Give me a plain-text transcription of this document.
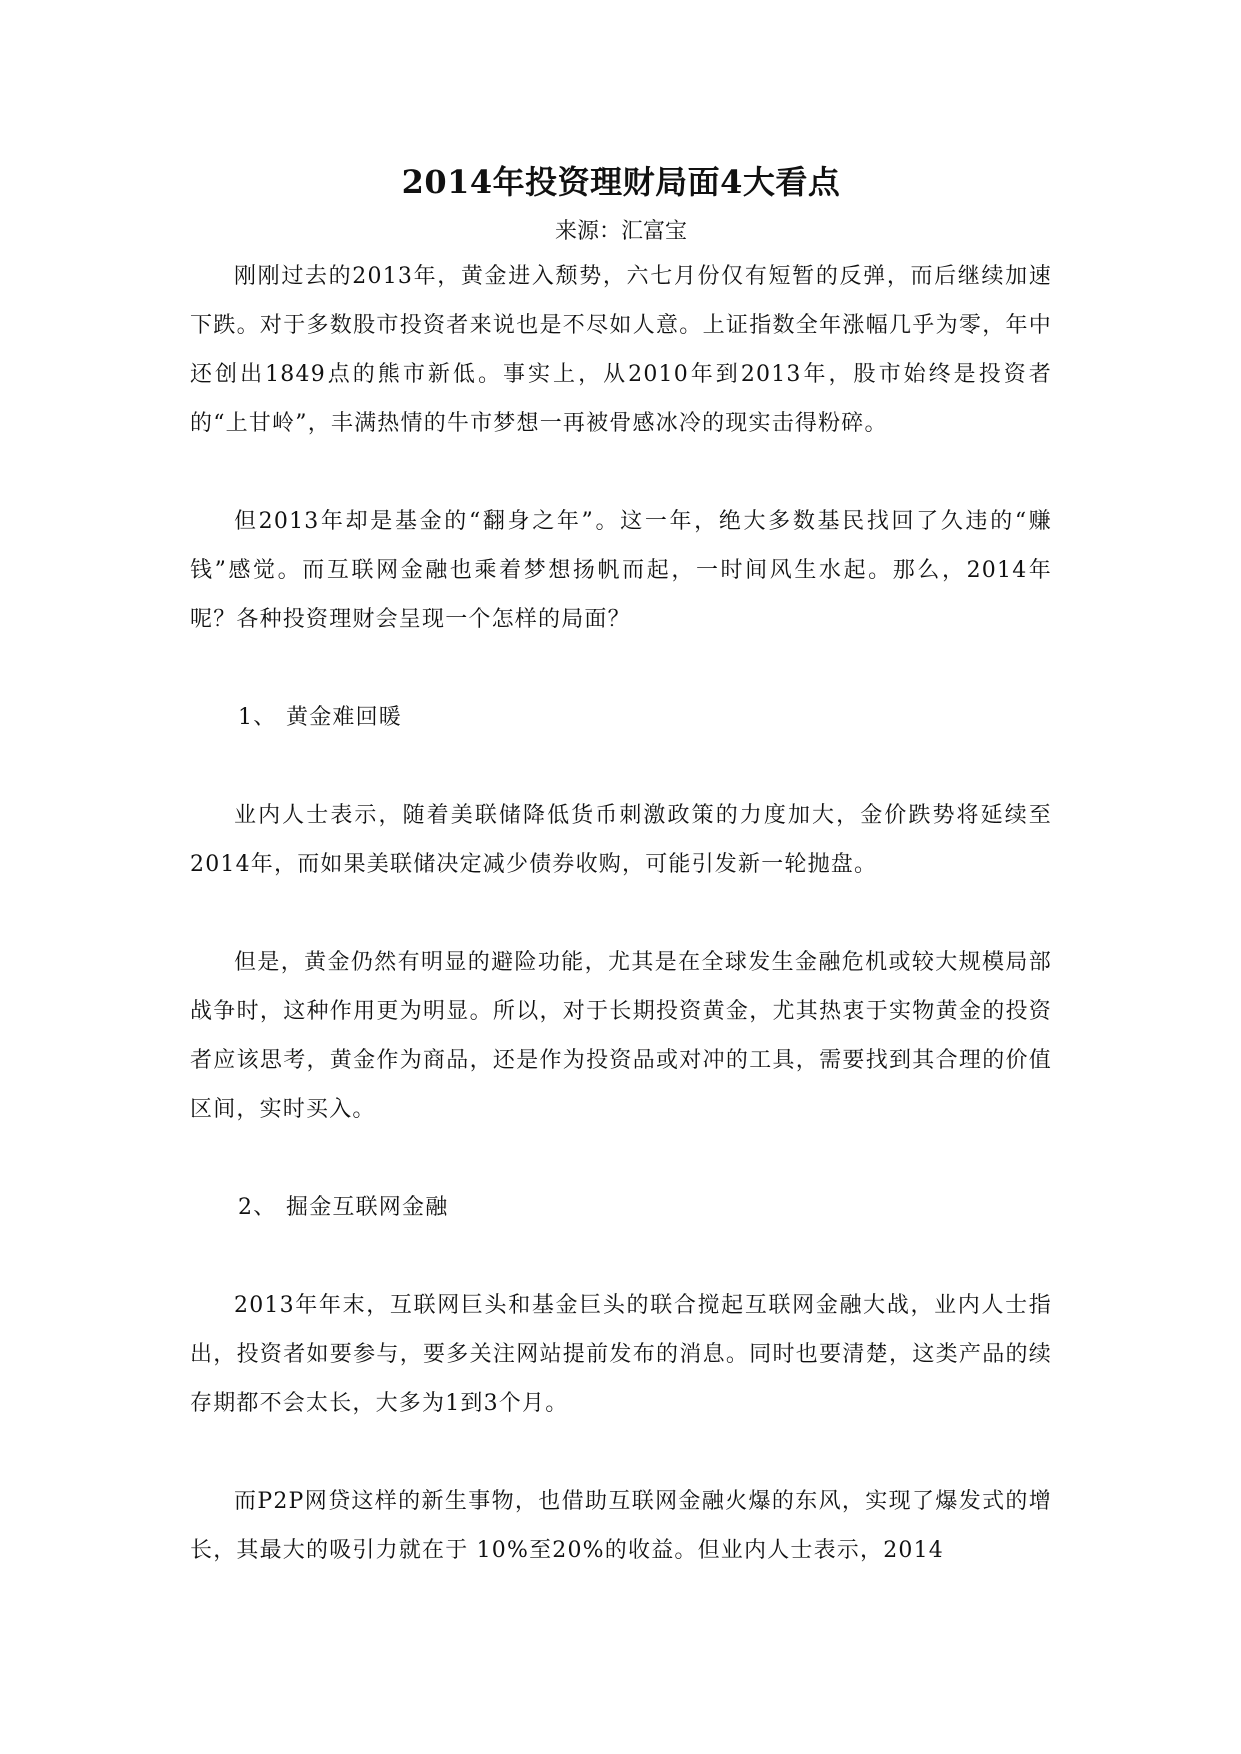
2014年投资理财局面4大看点

来源：汇富宝

刚刚过去的2013年，黄金进入颓势，六七月份仅有短暂的反弹，而后继续加速下跌。对于多数股市投资者来说也是不尽如人意。上证指数全年涨幅几乎为零，年中还创出1849点的熊市新低。事实上，从2010年到2013年，股市始终是投资者的“上甘岭”，丰满热情的牛市梦想一再被骨感冰冷的现实击得粉碎。

但2013年却是基金的“翻身之年”。这一年，绝大多数基民找回了久违的“赚钱”感觉。而互联网金融也乘着梦想扬帆而起，一时间风生水起。那么，2014年呢？各种投资理财会呈现一个怎样的局面？

1、 黄金难回暖

业内人士表示，随着美联储降低货币刺激政策的力度加大，金价跌势将延续至2014年，而如果美联储决定减少债券收购，可能引发新一轮抛盘。

但是，黄金仍然有明显的避险功能，尤其是在全球发生金融危机或较大规模局部战争时，这种作用更为明显。所以，对于长期投资黄金，尤其热衷于实物黄金的投资者应该思考，黄金作为商品，还是作为投资品或对冲的工具，需要找到其合理的价值区间，实时买入。

2、 掘金互联网金融

2013年年末，互联网巨头和基金巨头的联合搅起互联网金融大战，业内人士指出，投资者如要参与，要多关注网站提前发布的消息。同时也要清楚，这类产品的续存期都不会太长，大多为1到3个月。

而P2P网贷这样的新生事物，也借助互联网金融火爆的东风，实现了爆发式的增长，其最大的吸引力就在于 10%至20%的收益。但业内人士表示，2014
